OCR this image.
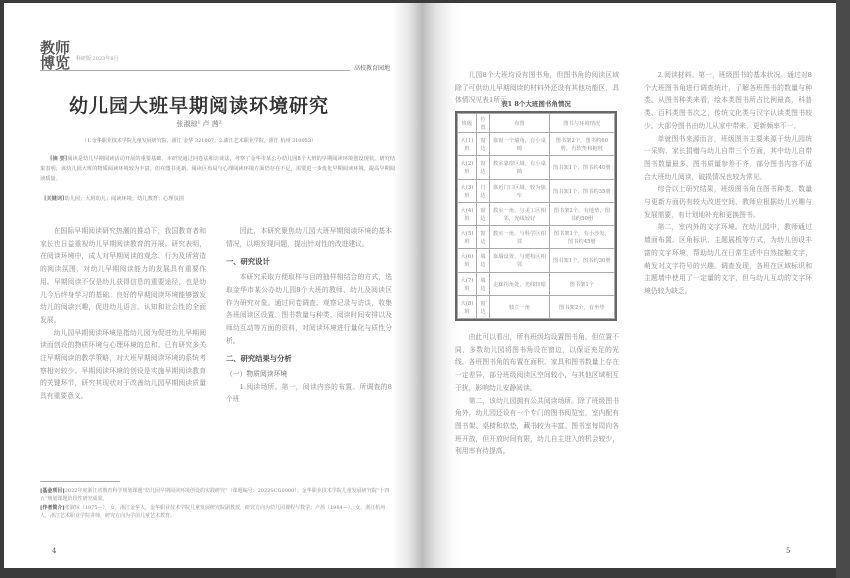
教师博览	科研版 2023年8月
高校教育园地
幼儿园大班早期阅读环境研究
张淑琼¹ 卢 茜²
（1.金华职业技术学院儿童发展研究院，浙江 金华 321007；2.浙江艺术职业学院，浙江 杭州 310053）
[摘 要]阅读是幼儿早期阅读活动开展的重要基础，本研究通过问卷法和访谈法，考察了金华市某公办幼儿园8个大班的早期阅读环境创设现状。研究结果表明，该幼儿园大班的物质阅读环境较为丰富，但在图书更新、阅读区布局与心理阅读环境方面仍存在不足，需要进一步优化早期阅读环境，提高早期阅读质量。
[关键词]幼儿园；大班幼儿；阅读环境；幼儿教育；心理氛围

在国际早期阅读研究热潮的推动下，我国教育者和家长也日益重视幼儿早期阅读教育的开展。研究表明，在阅读环境中，成人对早期阅读的观念、行为及所营造的阅读氛围，对幼儿早期阅读能力的发展具有重要作用。早期阅读不仅是幼儿获得信息的重要途径，也是幼儿今后终身学习的基础。良好的早期阅读环境能够激发幼儿的阅读兴趣，促进幼儿语言、认知和社会性的全面发展。

幼儿园早期阅读环境是指幼儿园为促进幼儿早期阅读而创设的物质环境与心理环境的总和。已有研究多关注早期阅读的教学策略，对大班早期阅读环境的系统考察相对较少。早期阅读环境的创设是实施早期阅读教育的关键环节，研究其现状对于改善幼儿园早期阅读质量具有重要意义。

因此，本研究聚焦幼儿园大班早期阅读环境的基本情况，以期发现问题，提出针对性的改进建议。

一、研究设计

本研究采取方便取样与目的抽样相结合的方式，选取金华市某公办幼儿园8个大班的教师、幼儿及阅读区作为研究对象。通过问卷调查、观察记录与访谈，收集各班阅读区设置、图书数量与种类、阅读时间安排以及师幼互动等方面的资料，对阅读环境进行量化与质性分析。

二、研究结果与分析
（一）物质阅读环境

1.阅读场所。第一，阅读内容的布置。所调查的8个班

[基金项目]2022年度浙江省教育科学规划课题“幼儿园早期阅读环境创设的实践研究”（课题编号：2022SCG0000）；金华职业技术学院儿童发展研究院“十四五”规划课题阶段性研究成果。
[作者简介]张淑琼（1975—），女，浙江金华人，金华职业技术学院儿童发展研究院副教授，研究方向为幼儿园课程与教学；卢茜（1984—），女，浙江杭州人，浙江艺术职业学院讲师，研究方向为学前儿童艺术教育。
4

儿园8个大班均设有图书角，但图书角的阅读区域除了可供幼儿早期阅读的材料外还设有其他功能区，具体情况见表1所示。

表1 8个大班图书角情况
班级	位置	布置	图书与环境情况
大(1)班	窗边	靠窗一个墙角，有小桌椅	图书架2个，图书约60册，有软垫和抱枕
大(2)班	窗边	教室靠窗区域，有小桌椅	图书架1个，图书约40册
大(3)班	门边	靠近门口区域，较为狭窄	图书架1个，图书约35册
大(4)班	窗边	教室一角，与美工区相邻，光线较好	图书架2个，有地垫，图书约50册
大(5)班	窗边	教室一角，与科学区相邻	图书架1个，有小沙发，图书约45册
大(6)班	墙边	靠墙设置，与建构区相邻	图书架1个，图书约30册
大(7)班	墙边	走廊拐角处，光线较暗	图书架1个
大(8)班	窗边	独立一角	图书架2个，有坐垫

由此可以看出，所有班级均设置图书角，但位置不同，多数幼儿园将图书角设在窗边，以保证充足的光线。各班图书角的布置在面积、家具和图书数量上存在一定差异，部分班级阅读区空间较小，与其他区域相互干扰，影响幼儿安静阅读。

第二，该幼儿园拥有公共阅读场所。除了班级图书角外，幼儿园还设有一个专门的图书阅览室，室内配有图书架、桌椅和软垫，藏书较为丰富。图书室每周向各班开放，但开放时间有限，幼儿自主进入的机会较少，利用率有待提高。

2.阅读材料。第一，班级图书的基本状况。通过对8个大班图书角进行调查统计，了解各班图书的数量与种类。从图书种类来看，绘本类图书所占比例最高，科普类、百科类图书次之，传统文化类与汉字认读类图书较少。大部分图书由幼儿从家中带来，更新频率不一。

单就图书来源而言，班级图书主要来源于幼儿园统一采购、家长捐赠与幼儿自带三个方面，其中幼儿自带图书数量最多，图书质量参差不齐，部分图书内容不适合大班幼儿阅读，破损情况也较为常见。

综合以上研究结果，班级图书角在图书种类、数量与更新方面仍有较大改进空间，教师应根据幼儿兴趣与发展需要，有计划地补充和更换图书。

第二，室内外的文字环境。在幼儿园中，教师通过墙面布置、区角标识、主题展板等方式，为幼儿创设丰富的文字环境，帮助幼儿在日常生活中自然接触文字，萌发对文字符号的兴趣。调查发现，各班在区域标识和主题墙中使用了一定量的文字，但与幼儿互动的文字环境仍较为缺乏。

5
